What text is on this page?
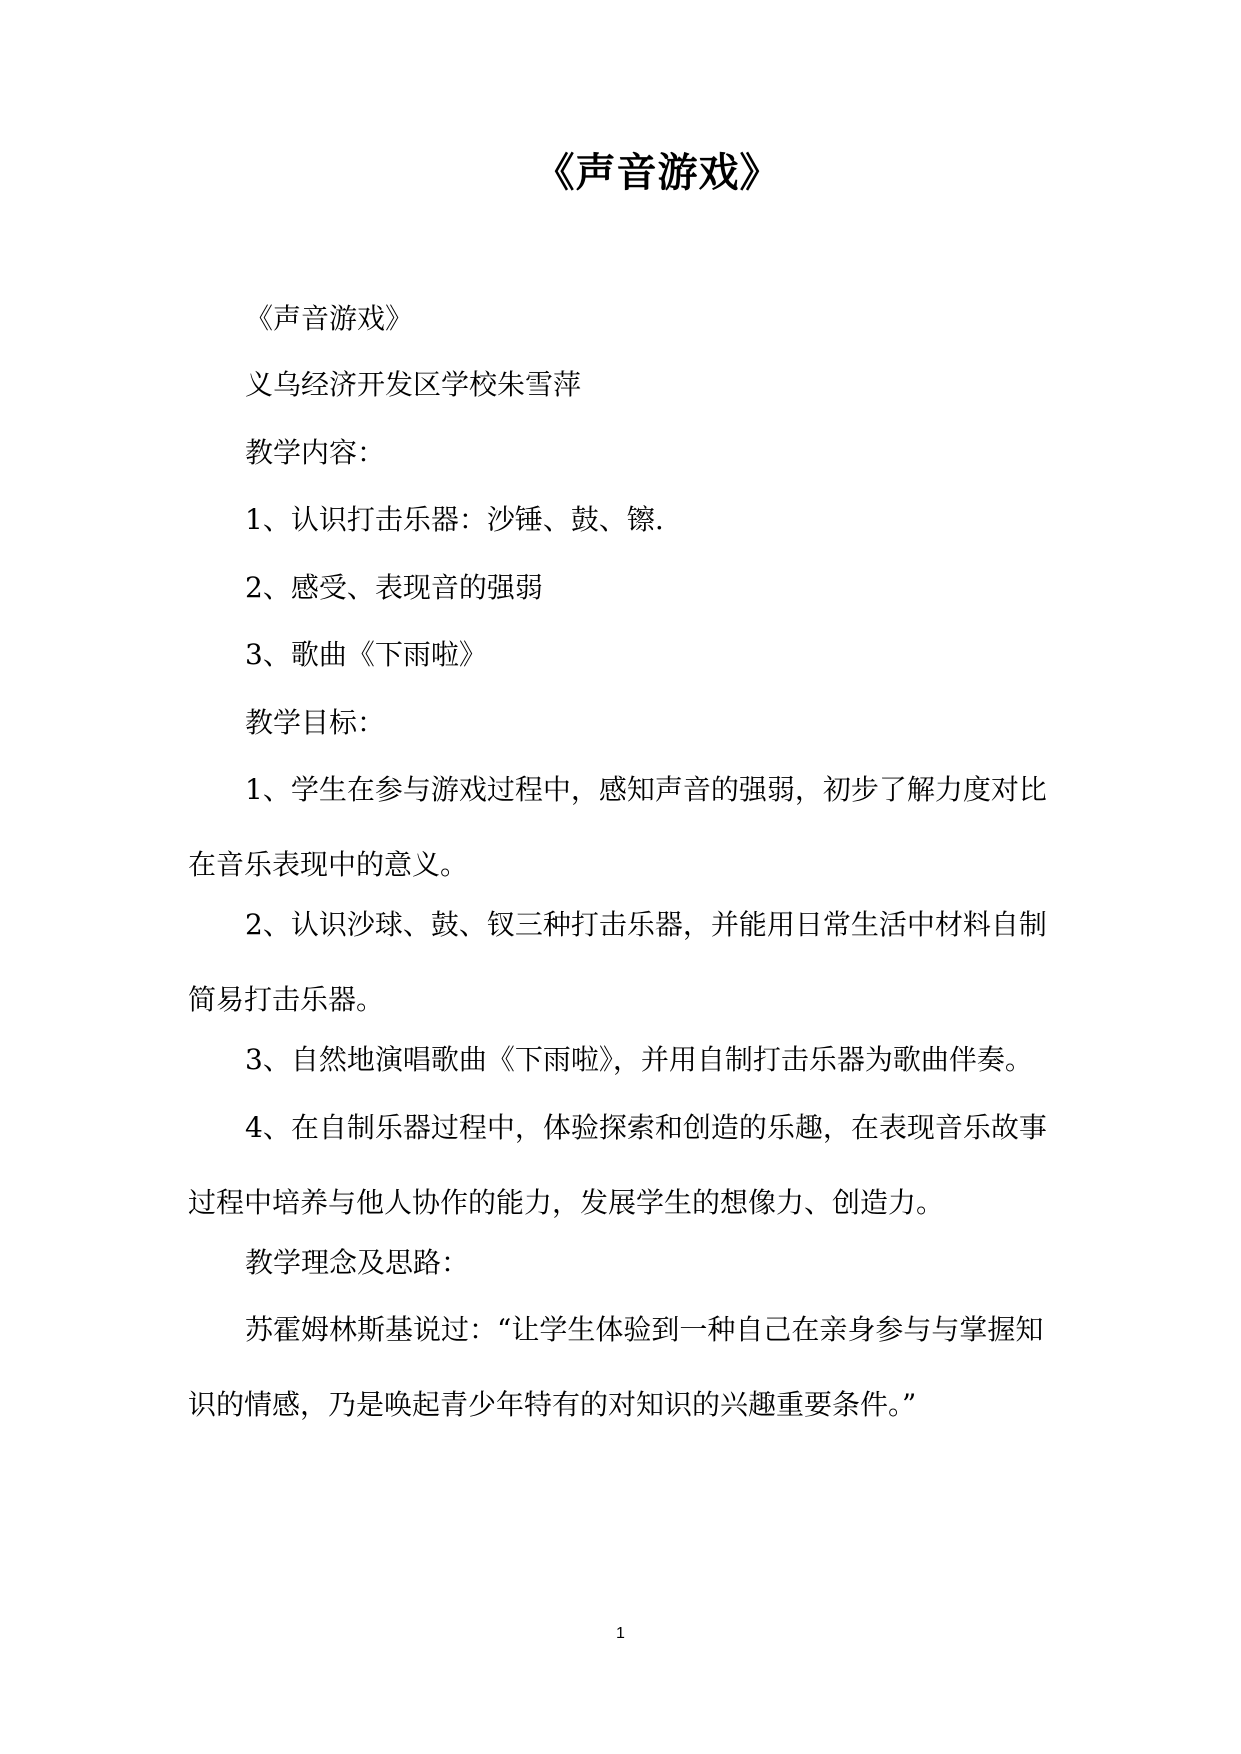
《声音游戏》

《声音游戏》

义乌经济开发区学校朱雪萍

教学内容：

1、认识打击乐器：沙锤、鼓、镲.

2、感受、表现音的强弱

3、歌曲《下雨啦》

教学目标：

1、学生在参与游戏过程中，感知声音的强弱，初步了解力度对比在音乐表现中的意义。

2、认识沙球、鼓、钗三种打击乐器，并能用日常生活中材料自制简易打击乐器。

3、自然地演唱歌曲《下雨啦》，并用自制打击乐器为歌曲伴奏。

4、在自制乐器过程中，体验探索和创造的乐趣，在表现音乐故事过程中培养与他人协作的能力，发展学生的想像力、创造力。

教学理念及思路：

苏霍姆林斯基说过：“让学生体验到一种自己在亲身参与与掌握知识的情感，乃是唤起青少年特有的对知识的兴趣重要条件。”

1
